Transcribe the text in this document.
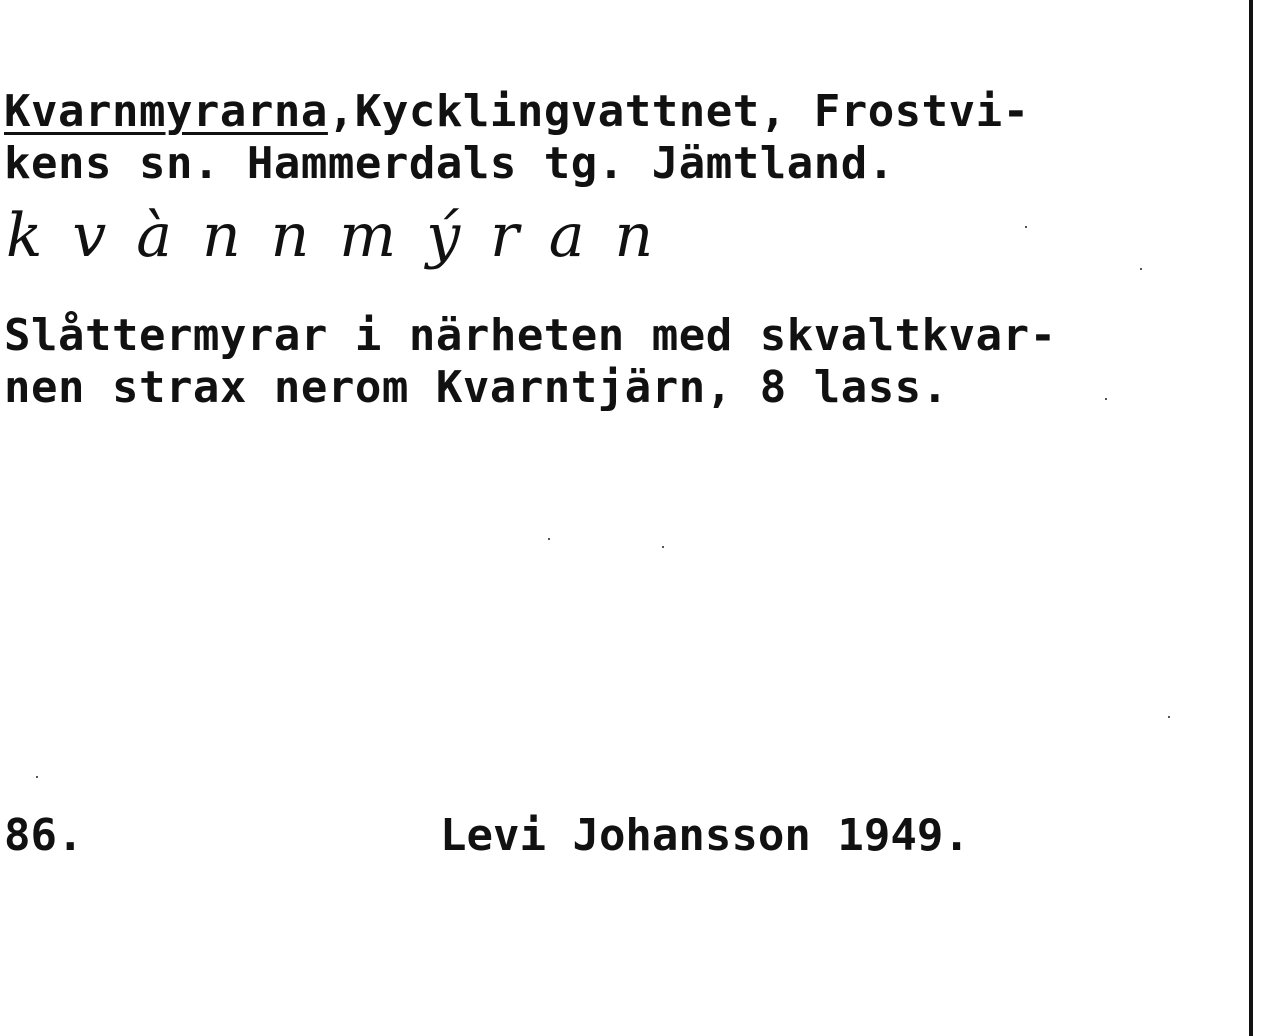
Kvarnmyrarna,Kycklingvattnet, Frostvi-
kens sn. Hammerdals tg. Jämtland.
kvànnmýran
Slåttermyrar i närheten med skvaltkvar-
nen strax nerom Kvarntjärn, 8 lass.
86.	Levi Johansson 1949.
